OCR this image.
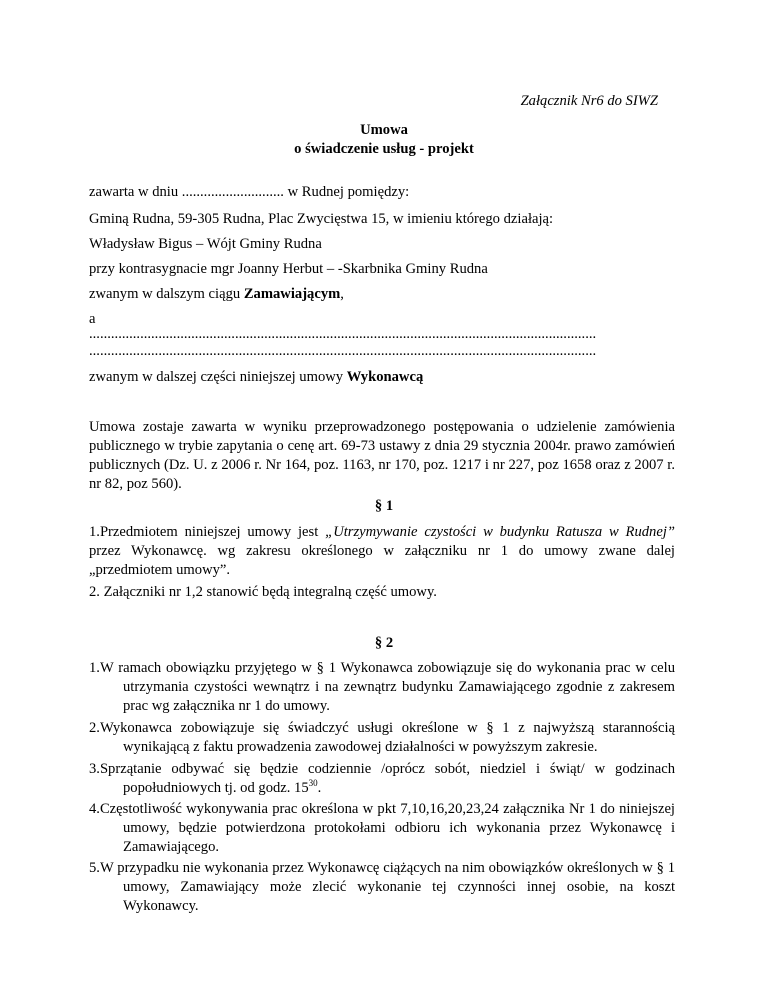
Załącznik Nr6 do SIWZ
Umowa
o świadczenie usług - projekt
zawarta w dniu ............................ w Rudnej pomiędzy:
Gminą Rudna, 59-305 Rudna, Plac Zwycięstwa 15, w imieniu którego działają:
Władysław Bigus – Wójt Gminy Rudna
przy kontrasygnacie mgr Joanny Herbut – -Skarbnika Gminy Rudna
zwanym w dalszym ciągu Zamawiającym,
a
...........................................................................................................................................
...........................................................................................................................................
zwanym w dalszej części niniejszej umowy Wykonawcą
Umowa zostaje zawarta w wyniku przeprowadzonego postępowania o udzielenie zamówienia publicznego w trybie zapytania o cenę art. 69-73 ustawy z dnia 29 stycznia 2004r. prawo zamówień publicznych (Dz. U. z 2006 r. Nr 164, poz. 1163, nr 170, poz. 1217 i nr 227, poz 1658 oraz z 2007 r. nr 82, poz 560).
§ 1
1.Przedmiotem niniejszej umowy jest „Utrzymywanie czystości w budynku Ratusza w Rudnej” przez Wykonawcę. wg zakresu określonego w załączniku nr 1 do umowy zwane dalej „przedmiotem umowy”.
2. Załączniki nr 1,2 stanowić będą integralną część umowy.
§ 2
1.W ramach obowiązku przyjętego w § 1 Wykonawca zobowiązuje się do wykonania prac w celu utrzymania czystości wewnątrz i na zewnątrz budynku Zamawiającego zgodnie z zakresem prac wg załącznika nr 1 do umowy.
2.Wykonawca zobowiązuje się świadczyć usługi określone w § 1 z najwyższą starannością wynikającą z faktu prowadzenia zawodowej działalności w powyższym zakresie.
3.Sprzątanie odbywać się będzie codziennie /oprócz sobót, niedziel i świąt/ w godzinach popołudniowych tj. od godz. $15^{30}$.
4.Częstotliwość wykonywania prac określona w pkt 7,10,16,20,23,24 załącznika Nr 1 do niniejszej umowy, będzie potwierdzona protokołami odbioru ich wykonania przez Wykonawcę i Zamawiającego.
5.W przypadku nie wykonania przez Wykonawcę ciążących na nim obowiązków określonych w § 1 umowy, Zamawiający może zlecić wykonanie tej czynności innej osobie, na koszt Wykonawcy.
